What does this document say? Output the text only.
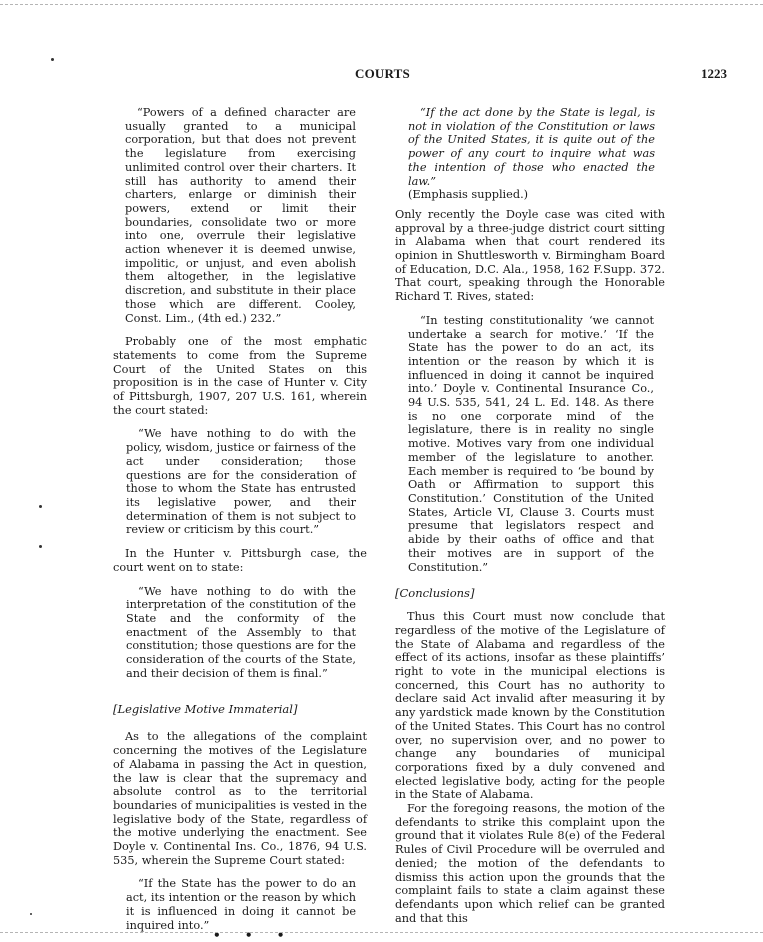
COURTS	1223

“Powers of a defined character are usually granted to a municipal corporation, but that does not prevent the legislature from exercising unlimited control over their charters. It still has authority to amend their charters, enlarge or diminish their powers, extend or limit their boundaries, consolidate two or more into one, overrule their legislative action whenever it is deemed unwise, impolitic, or unjust, and even abolish them altogether, in the legislative discretion, and substitute in their place those which are different. Cooley, Const. Lim., (4th ed.) 232.”

Probably one of the most emphatic statements to come from the Supreme Court of the United States on this proposition is in the case of Hunter v. City of Pittsburgh, 1907, 207 U.S. 161, wherein the court stated:

“We have nothing to do with the policy, wisdom, justice or fairness of the act under consideration; those questions are for the consideration of those to whom the State has entrusted its legislative power, and their determination of them is not subject to review or criticism by this court.”

In the Hunter v. Pittsburgh case, the court went on to state:

“We have nothing to do with the interpretation of the constitution of the State and the conformity of the enactment of the Assembly to that constitution; those questions are for the consideration of the courts of the State, and their decision of them is final.”

[Legislative Motive Immaterial]

As to the allegations of the complaint concerning the motives of the Legislature of Alabama in passing the Act in question, the law is clear that the supremacy and absolute control as to the territorial boundaries of municipalities is vested in the legislative body of the State, regardless of the motive underlying the enactment. See Doyle v. Continental Ins. Co., 1876, 94 U.S. 535, wherein the Supreme Court stated:

“If the State has the power to do an act, its intention or the reason by which it is influenced in doing it cannot be inquired into.”

• • •

“If the act done by the State is legal, is not in violation of the Constitution or laws of the United States, it is quite out of the power of any court to inquire what was the intention of those who enacted the law.”

(Emphasis supplied.)

Only recently the Doyle case was cited with approval by a three-judge district court sitting in Alabama when that court rendered its opinion in Shuttlesworth v. Birmingham Board of Education, D.C. Ala., 1958, 162 F.Supp. 372. That court, speaking through the Honorable Richard T. Rives, stated:

“In testing constitutionality ‘we cannot undertake a search for motive.’ ‘If the State has the power to do an act, its intention or the reason by which it is influenced in doing it cannot be inquired into.’ Doyle v. Continental Insurance Co., 94 U.S. 535, 541, 24 L. Ed. 148. As there is no one corporate mind of the legislature, there is in reality no single motive. Motives vary from one individual member of the legislature to another. Each member is required to ‘be bound by Oath or Affirmation to support this Constitution.’ Constitution of the United States, Article VI, Clause 3. Courts must presume that legislators respect and abide by their oaths of office and that their motives are in support of the Constitution.”

[Conclusions]

Thus this Court must now conclude that regardless of the motive of the Legislature of the State of Alabama and regardless of the effect of its actions, insofar as these plaintiffs’ right to vote in the municipal elections is concerned, this Court has no authority to declare said Act invalid after measuring it by any yardstick made known by the Constitution of the United States. This Court has no control over, no supervision over, and no power to change any boundaries of municipal corporations fixed by a duly convened and elected legislative body, acting for the people in the State of Alabama.

For the foregoing reasons, the motion of the defendants to strike this complaint upon the ground that it violates Rule 8(e) of the Federal Rules of Civil Procedure will be overruled and denied; the motion of the defendants to dismiss this action upon the grounds that the complaint fails to state a claim against these defendants upon which relief can be granted and that this
